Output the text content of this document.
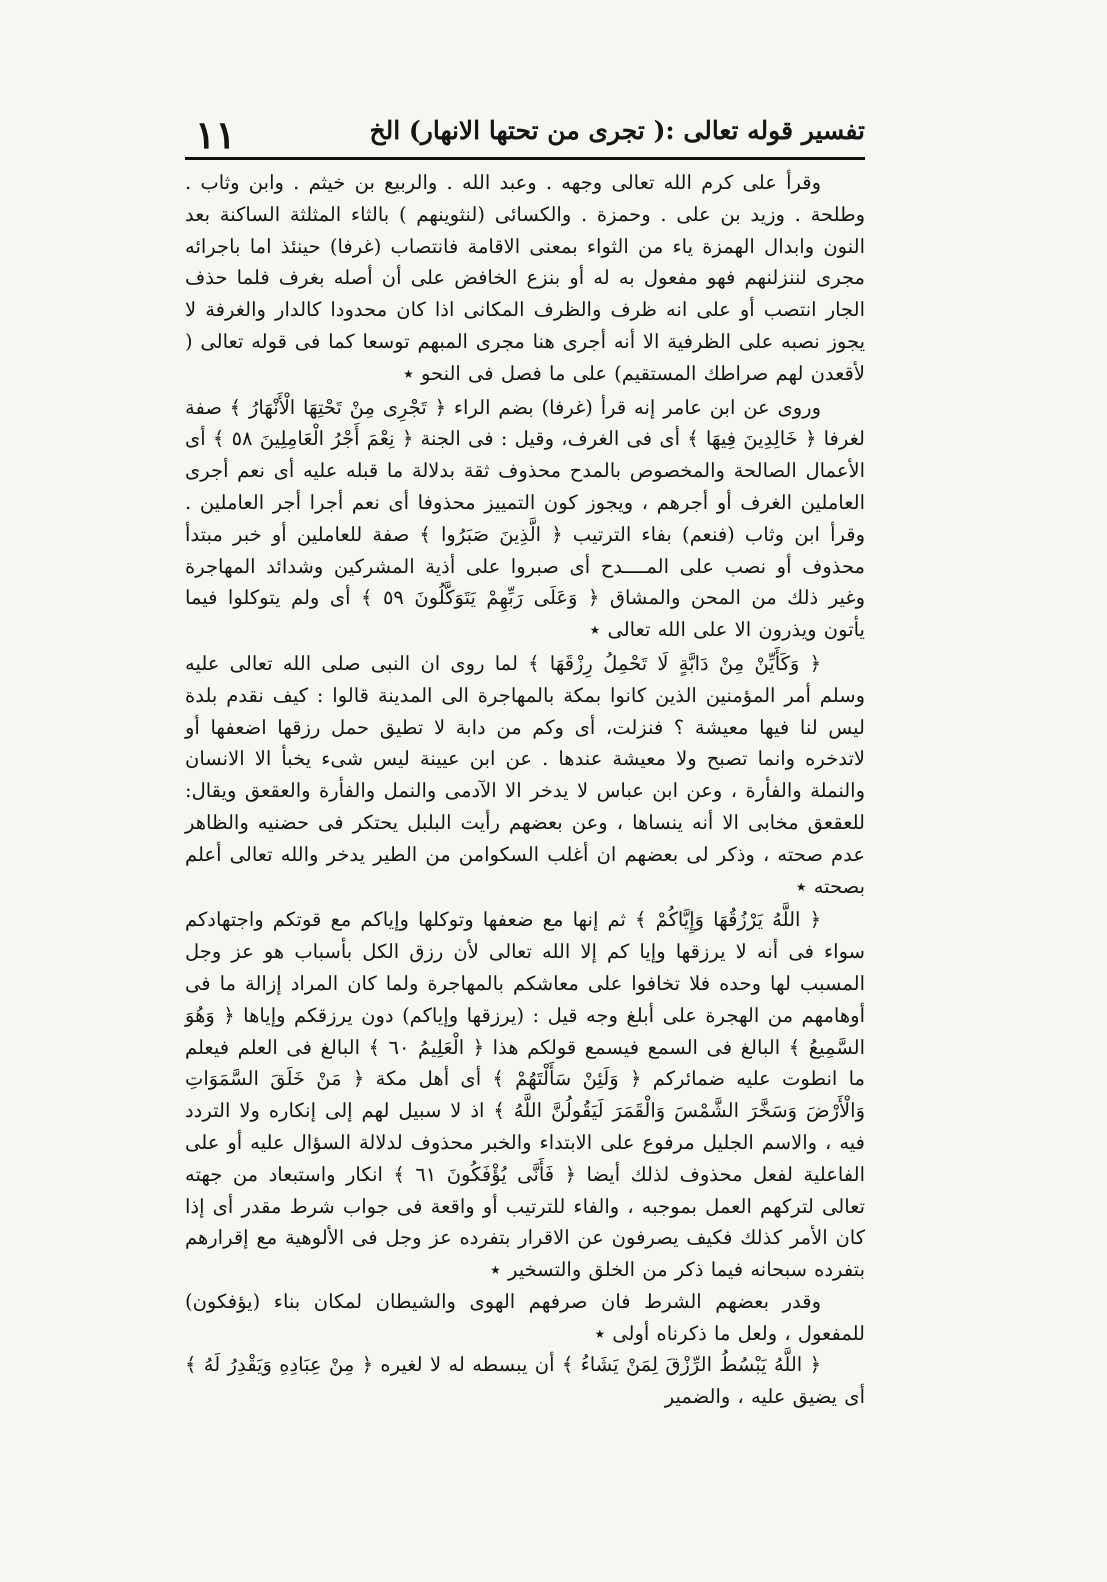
تفسير قوله تعالى :( تجرى من تحتها الانهار) الخ
١١

وقرأ على كرم الله تعالى وجهه . وعبد الله . والربيع بن خيثم . وابن وثاب . وطلحة . وزيد بن على . وحمزة . والكسائى (لنثوينهم ) بالثاء المثلثة الساكنة بعد النون وابدال الهمزة ياء من الثواء بمعنى الاقامة فانتصاب (غرفا) حينئذ اما باجرائه مجرى لننزلنهم فهو مفعول به له أو بنزع الخافض على أن أصله بغرف فلما حذف الجار انتصب أو على انه ظرف والظرف المكانى اذا كان محدودا كالدار والغرفة لا يجوز نصبه على الظرفية الا أنه أجرى هنا مجرى المبهم توسعا كما فى قوله تعالى ( لأقعدن لهم صراطك المستقيم) على ما فصل فى النحو ٭

وروى عن ابن عامر إنه قرأ (غرفا) بضم الراء ﴿ تَجْرِى مِنْ تَحْتِهَا الْأَنْهَارُ ﴾ صفة لغرفا ﴿ خَالِدِينَ فِيهَا ﴾ أى فى الغرف، وقيل : فى الجنة ﴿ نِعْمَ أَجْرُ الْعَامِلِينَ ٥٨ ﴾ أى الأعمال الصالحة والمخصوص بالمدح محذوف ثقة بدلالة ما قبله عليه أى نعم أجرى العاملين الغرف أو أجرهم ، ويجوز كون التمييز محذوفا أى نعم أجرا أجر العاملين . وقرأ ابن وثاب (فنعم) بفاء الترتيب ﴿ الَّذِينَ صَبَرُوا ﴾ صفة للعاملين أو خبر مبتدأ محذوف أو نصب على المــــدح أى صبروا على أذية المشركين وشدائد المهاجرة وغير ذلك من المحن والمشاق ﴿ وَعَلَى رَبِّهِمْ يَتَوَكَّلُونَ ٥٩ ﴾ أى ولم يتوكلوا فيما يأتون ويذرون الا على الله تعالى ٭

﴿ وَكَأَيِّنْ مِنْ دَابَّةٍ لَا تَحْمِلُ رِزْقَهَا ﴾ لما روى ان النبى صلى الله تعالى عليه وسلم أمر المؤمنين الذين كانوا بمكة بالمهاجرة الى المدينة قالوا : كيف نقدم بلدة ليس لنا فيها معيشة ؟ فنزلت، أى وكم من دابة لا تطيق حمل رزقها اضعفها أو لاتدخره وانما تصبح ولا معيشة عندها . عن ابن عيينة ليس شىء يخبأ الا الانسان والنملة والفأرة ، وعن ابن عباس لا يدخر الا الآدمى والنمل والفأرة والعقعق ويقال: للعقعق مخابى الا أنه ينساها ، وعن بعضهم رأيت البلبل يحتكر فى حضنيه والظاهر عدم صحته ، وذكر لى بعضهم ان أغلب السكوامن من الطير يدخر والله تعالى أعلم بصحته ٭

﴿ اللَّهُ يَرْزُقُهَا وَإِيَّاكُمْ ﴾ ثم إنها مع ضعفها وتوكلها وإياكم مع قوتكم واجتهادكم سواء فى أنه لا يرزقها وإيا كم إلا الله تعالى لأن رزق الكل بأسباب هو عز وجل المسبب لها وحده فلا تخافوا على معاشكم بالمهاجرة ولما كان المراد إزالة ما فى أوهامهم من الهجرة على أبلغ وجه قيل : (يرزقها وإياكم) دون يرزقكم وإياها ﴿ وَهُوَ السَّمِيعُ ﴾ البالغ فى السمع فيسمع قولكم هذا ﴿ الْعَلِيمُ ٦٠ ﴾ البالغ فى العلم فيعلم ما انطوت عليه ضمائركم ﴿ وَلَئِنْ سَأَلْتَهُمْ ﴾ أى أهل مكة ﴿ مَنْ خَلَقَ السَّمَوَاتِ وَالْأَرْضَ وَسَخَّرَ الشَّمْسَ وَالْقَمَرَ لَيَقُولُنَّ اللَّهُ ﴾ اذ لا سبيل لهم إلى إنكاره ولا التردد فيه ، والاسم الجليل مرفوع على الابتداء والخبر محذوف لدلالة السؤال عليه أو على الفاعلية لفعل محذوف لذلك أيضا ﴿ فَأَنَّى يُؤْفَكُونَ ٦١ ﴾ انكار واستبعاد من جهته تعالى لتركهم العمل بموجبه ، والفاء للترتيب أو واقعة فى جواب شرط مقدر أى إذا كان الأمر كذلك فكيف يصرفون عن الاقرار بتفرده عز وجل فى الألوهية مع إقرارهم بتفرده سبحانه فيما ذكر من الخلق والتسخير ٭

وقدر بعضهم الشرط فان صرفهم الهوى والشيطان لمكان بناء (يؤفكون) للمفعول ، ولعل ما ذكرناه أولى ٭

﴿ اللَّهُ يَبْسُطُ الرِّزْقَ لِمَنْ يَشَاءُ ﴾ أن يبسطه له لا لغيره ﴿ مِنْ عِبَادِهِ وَيَقْدِرُ لَهُ ﴾ أى يضيق عليه ، والضمير
